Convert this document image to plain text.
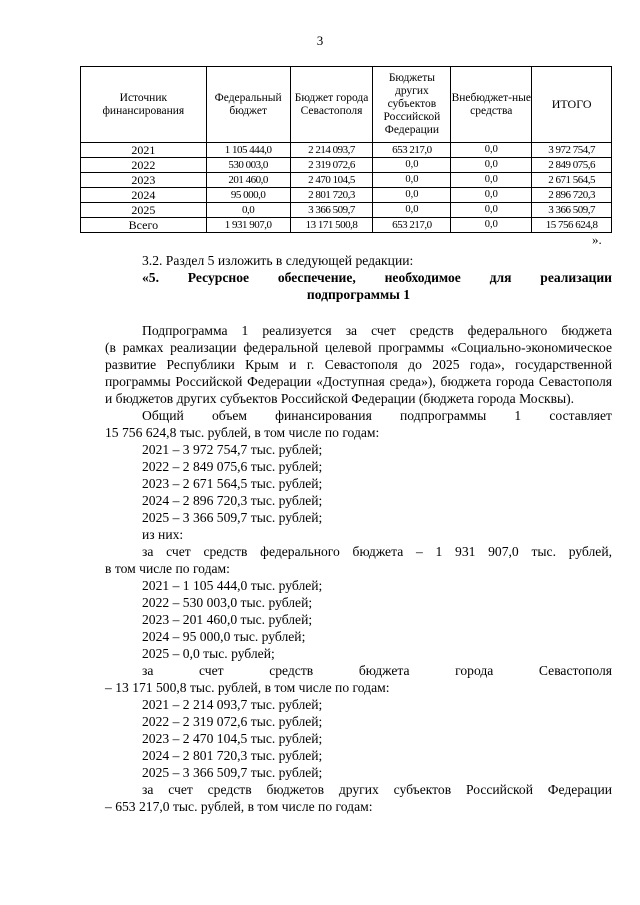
3
Источник финансирования	Федеральный бюджет	Бюджет города Севастополя	Бюджеты других субъектов Российской Федерации	Внебюджет-ные средства	ИТОГО
2021	1 105 444,0	2 214 093,7	653 217,0	0,0	3 972 754,7
2022	530 003,0	2 319 072,6	0,0	0,0	2 849 075,6
2023	201 460,0	2 470 104,5	0,0	0,0	2 671 564,5
2024	95 000,0	2 801 720,3	0,0	0,0	2 896 720,3
2025	0,0	3 366 509,7	0,0	0,0	3 366 509,7
Всего	1 931 907,0	13 171 500,8	653 217,0	0,0	15 756 624,8
».

3.2. Раздел 5 изложить в следующей редакции:

«5. Ресурсное обеспечение, необходимое для реализации

подпрограммы 1

Подпрограмма 1 реализуется за счет средств федерального бюджета

(в рамках реализации федеральной целевой программы «Социально-экономическое развитие Республики Крым и г. Севастополя до 2025 года», государственной программы Российской Федерации «Доступная среда»), бюджета города Севастополя и бюджетов других субъектов Российской Федерации (бюджета города Москвы).

Общий объем финансирования подпрограммы 1 составляет

15 756 624,8 тыс. рублей, в том числе по годам:

2021 – 3 972 754,7 тыс. рублей;

2022 – 2 849 075,6 тыс. рублей;

2023 – 2 671 564,5 тыс. рублей;

2024 – 2 896 720,3 тыс. рублей;

2025 – 3 366 509,7 тыс. рублей;

из них:

за счет средств федерального бюджета – 1 931 907,0 тыс. рублей,

в том числе по годам:

2021 – 1 105 444,0 тыс. рублей;

2022 – 530 003,0 тыс. рублей;

2023 – 201 460,0 тыс. рублей;

2024 – 95 000,0 тыс. рублей;

2025 – 0,0 тыс. рублей;

за счет средств бюджета города Севастополя

– 13 171 500,8 тыс. рублей, в том числе по годам:

2021 – 2 214 093,7 тыс. рублей;

2022 – 2 319 072,6 тыс. рублей;

2023 – 2 470 104,5 тыс. рублей;

2024 – 2 801 720,3 тыс. рублей;

2025 – 3 366 509,7 тыс. рублей;

за счет средств бюджетов других субъектов Российской Федерации

– 653 217,0 тыс. рублей, в том числе по годам:
